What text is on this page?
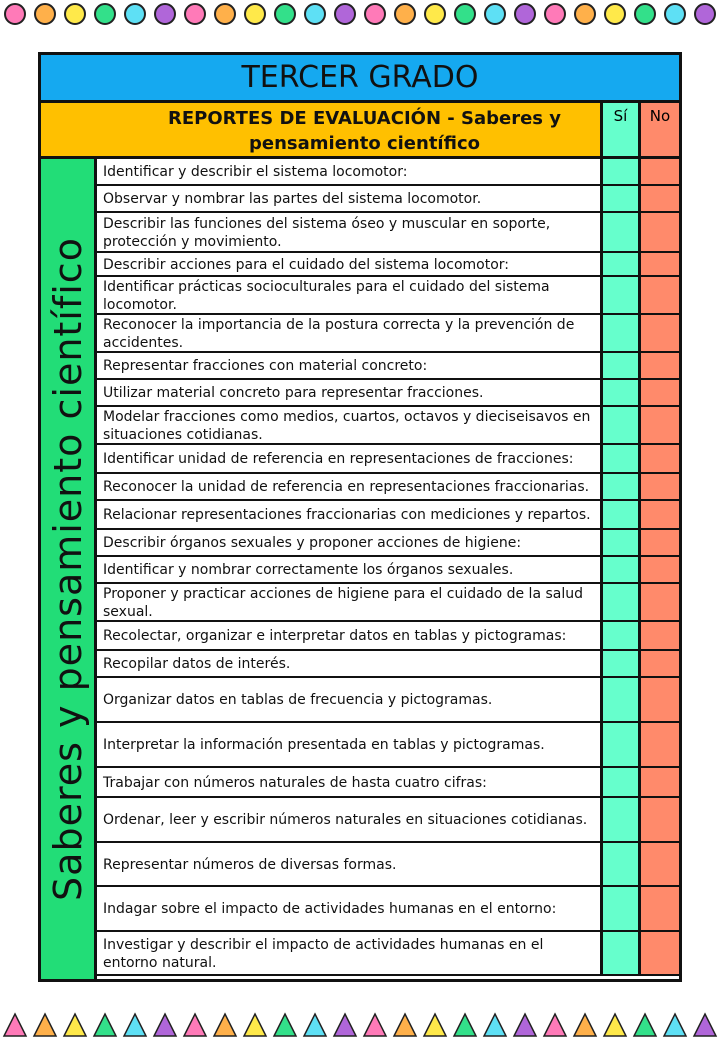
WWW.IMAGENESEDUCATIVAS.COM
TERCER GRADO
REPORTES DE EVALUACIÓN - Saberes y pensamiento científico
Sí	No
Saberes y pensamiento científico
Identificar y describir el sistema locomotor:
Observar y nombrar las partes del sistema locomotor.
Describir las funciones del sistema óseo y muscular en soporte, protección y movimiento.
Describir acciones para el cuidado del sistema locomotor:
Identificar prácticas socioculturales para el cuidado del sistema locomotor.
Reconocer la importancia de la postura correcta y la prevención de accidentes.
Representar fracciones con material concreto:
Utilizar material concreto para representar fracciones.
Modelar fracciones como medios, cuartos, octavos y dieciseisavos en situaciones cotidianas.
Identificar unidad de referencia en representaciones de fracciones:
Reconocer la unidad de referencia en representaciones fraccionarias.
Relacionar representaciones fraccionarias con mediciones y repartos.
Describir órganos sexuales y proponer acciones de higiene:
Identificar y nombrar correctamente los órganos sexuales.
Proponer y practicar acciones de higiene para el cuidado de la salud sexual.
Recolectar, organizar e interpretar datos en tablas y pictogramas:
Recopilar datos de interés.
Organizar datos en tablas de frecuencia y pictogramas.
Interpretar la información presentada en tablas y pictogramas.
Trabajar con números naturales de hasta cuatro cifras:
Ordenar, leer y escribir números naturales en situaciones cotidianas.
Representar números de diversas formas.
Indagar sobre el impacto de actividades humanas en el entorno:
Investigar y describir el impacto de actividades humanas en el entorno natural.
